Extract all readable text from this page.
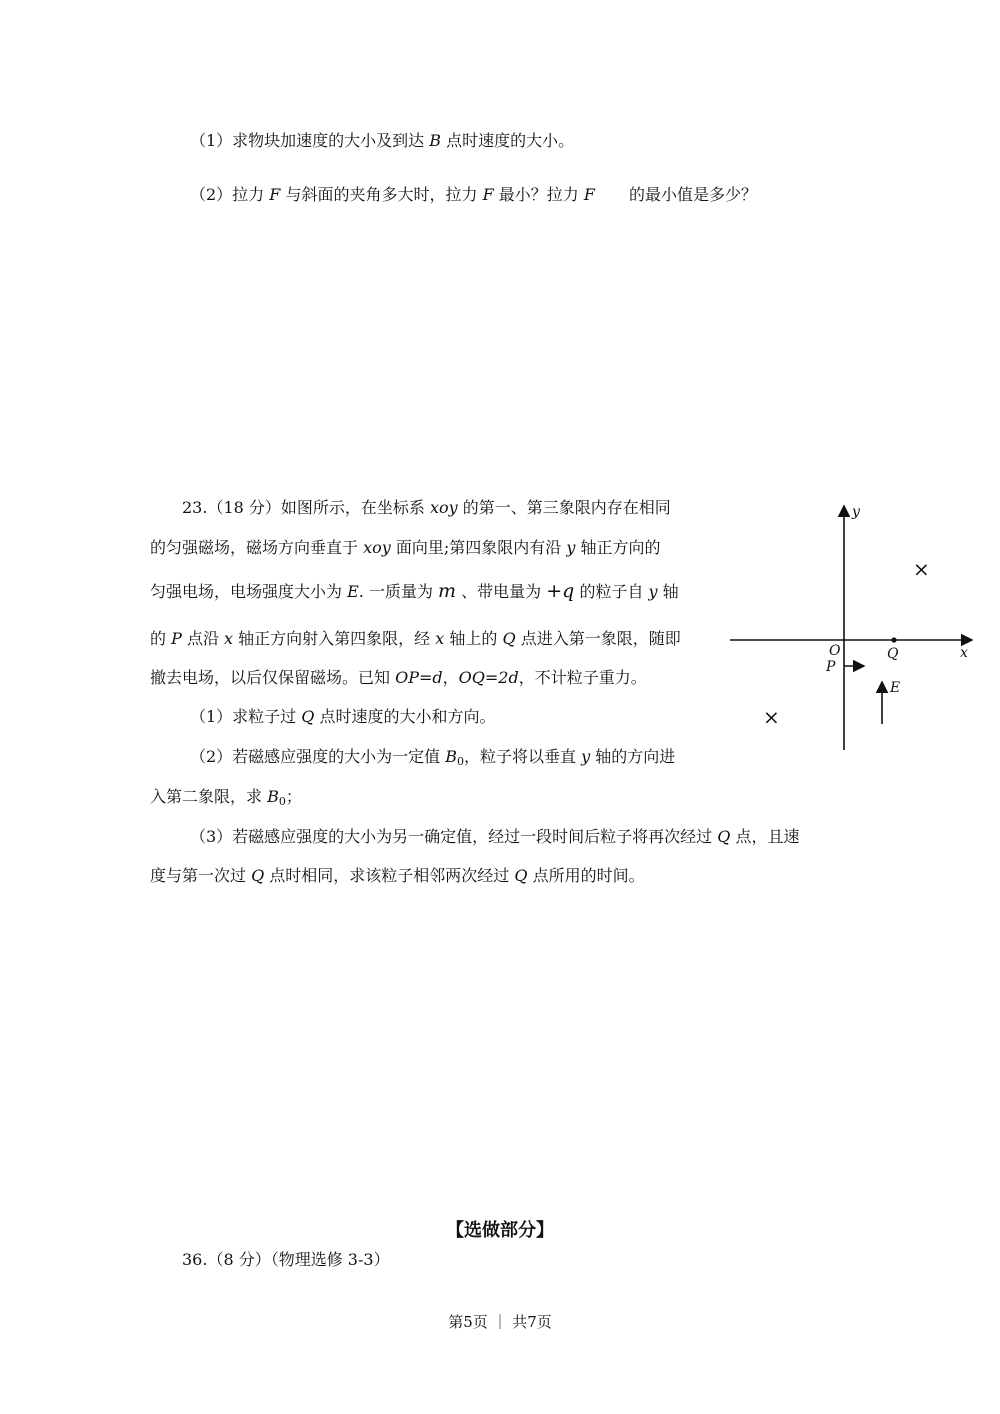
（1）求物块加速度的大小及到达 B 点时速度的大小。
（2）拉力 F 与斜面的夹角多大时，拉力 F 最小？拉力 F 的最小值是多少？
23.（18 分）如图所示，在坐标系 xoy 的第一、第三象限内存在相同
的匀强磁场，磁场方向垂直于 xoy 面向里;第四象限内有沿 y 轴正方向的
匀强电场，电场强度大小为 E. 一质量为 m 、带电量为 +q 的粒子自 y 轴
的 P 点沿 x 轴正方向射入第四象限，经 x 轴上的 Q 点进入第一象限，随即
撤去电场，以后仅保留磁场。已知 OP=d，OQ=2d，不计粒子重力。
（1）求粒子过 Q 点时速度的大小和方向。
（2）若磁感应强度的大小为一定值 $B_0$，粒子将以垂直 y 轴的方向进
入第二象限，求 $B_0$；
（3）若磁感应强度的大小为另一确定值，经过一段时间后粒子将再次经过 Q 点，且速
度与第一次过 Q 点时相同，求该粒子相邻两次经过 Q 点所用的时间。
y
x
O	Q
P
E
×
×
【选做部分】
36.（8 分）（物理选修 3-3）
第5页 ｜ 共7页
